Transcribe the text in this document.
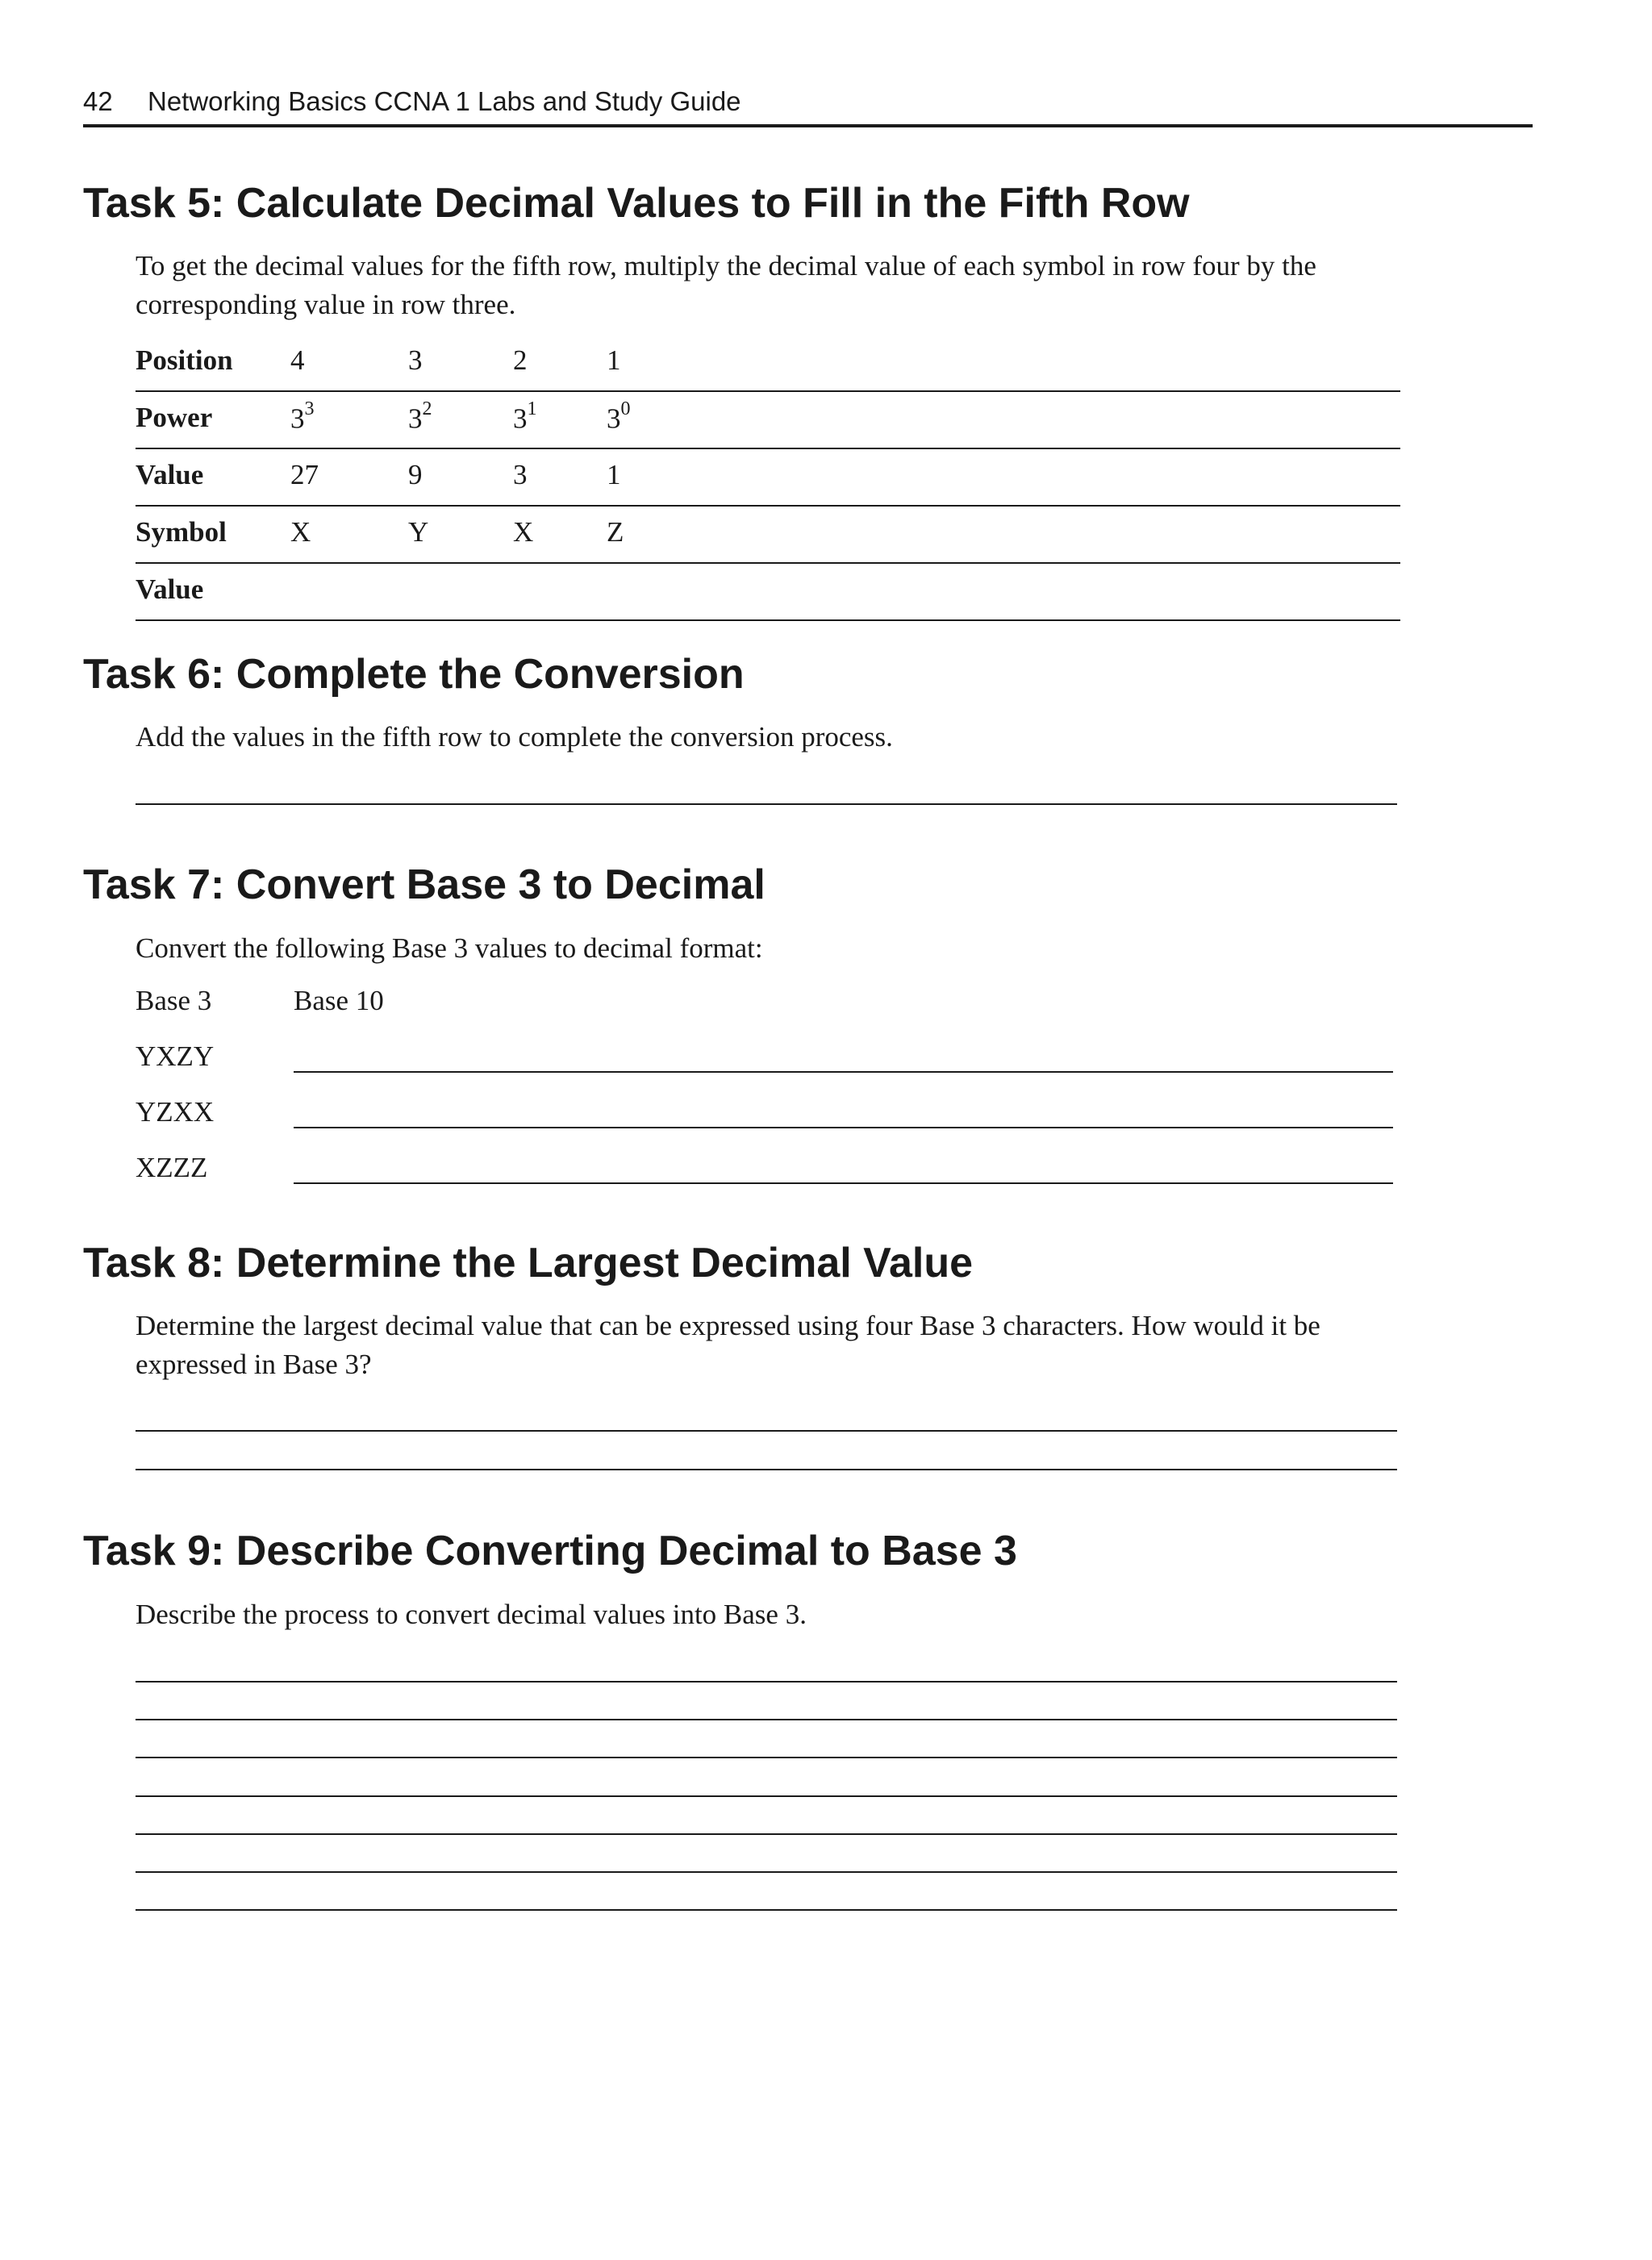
42 Networking Basics CCNA 1 Labs and Study Guide
Task 5: Calculate Decimal Values to Fill in the Fifth Row

To get the decimal values for the fifth row, multiply the decimal value of each symbol in row four by the corresponding value in row three.

Position 4	3	2	1
Power	$3^3$	$3^2$	$3^1$ $3^0$
Value	27	9	3	1
Symbol X	Y	X	Z
Value
Task 6: Complete the Conversion

Add the values in the fifth row to complete the conversion process.

Task 7: Convert Base 3 to Decimal

Convert the following Base 3 values to decimal format:

Base 3	Base 10
YXZY
YZXX
XZZZ
Task 8: Determine the Largest Decimal Value

Determine the largest decimal value that can be expressed using four Base 3 characters. How would it be expressed in Base 3?

Task 9: Describe Converting Decimal to Base 3

Describe the process to convert decimal values into Base 3.
